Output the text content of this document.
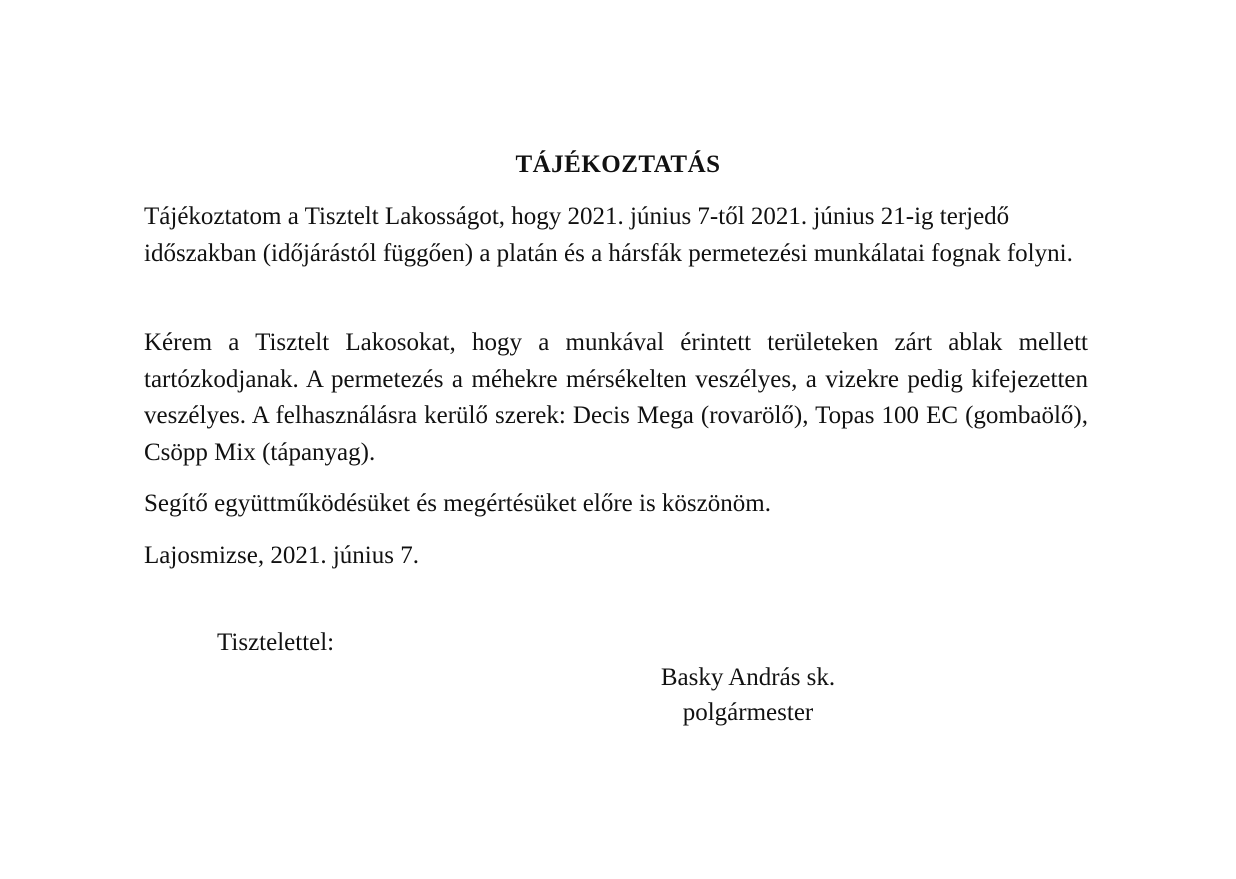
TÁJÉKOZTATÁS

Tájékoztatom a Tisztelt Lakosságot, hogy 2021. június 7-től 2021. június 21-ig terjedő időszakban (időjárástól függően) a platán és a hársfák permetezési munkálatai fognak folyni.

Kérem a Tisztelt Lakosokat, hogy a munkával érintett területeken zárt ablak mellett tartózkodjanak. A permetezés a méhekre mérsékelten veszélyes, a vizekre pedig kifejezetten veszélyes. A felhasználásra kerülő szerek: Decis Mega (rovarölő), Topas 100 EC (gombaölő), Csöpp Mix (tápanyag).

Segítő együttműködésüket és megértésüket előre is köszönöm.

Lajosmizse, 2021. június 7.

Tisztelettel:
Basky András sk.
polgármester
